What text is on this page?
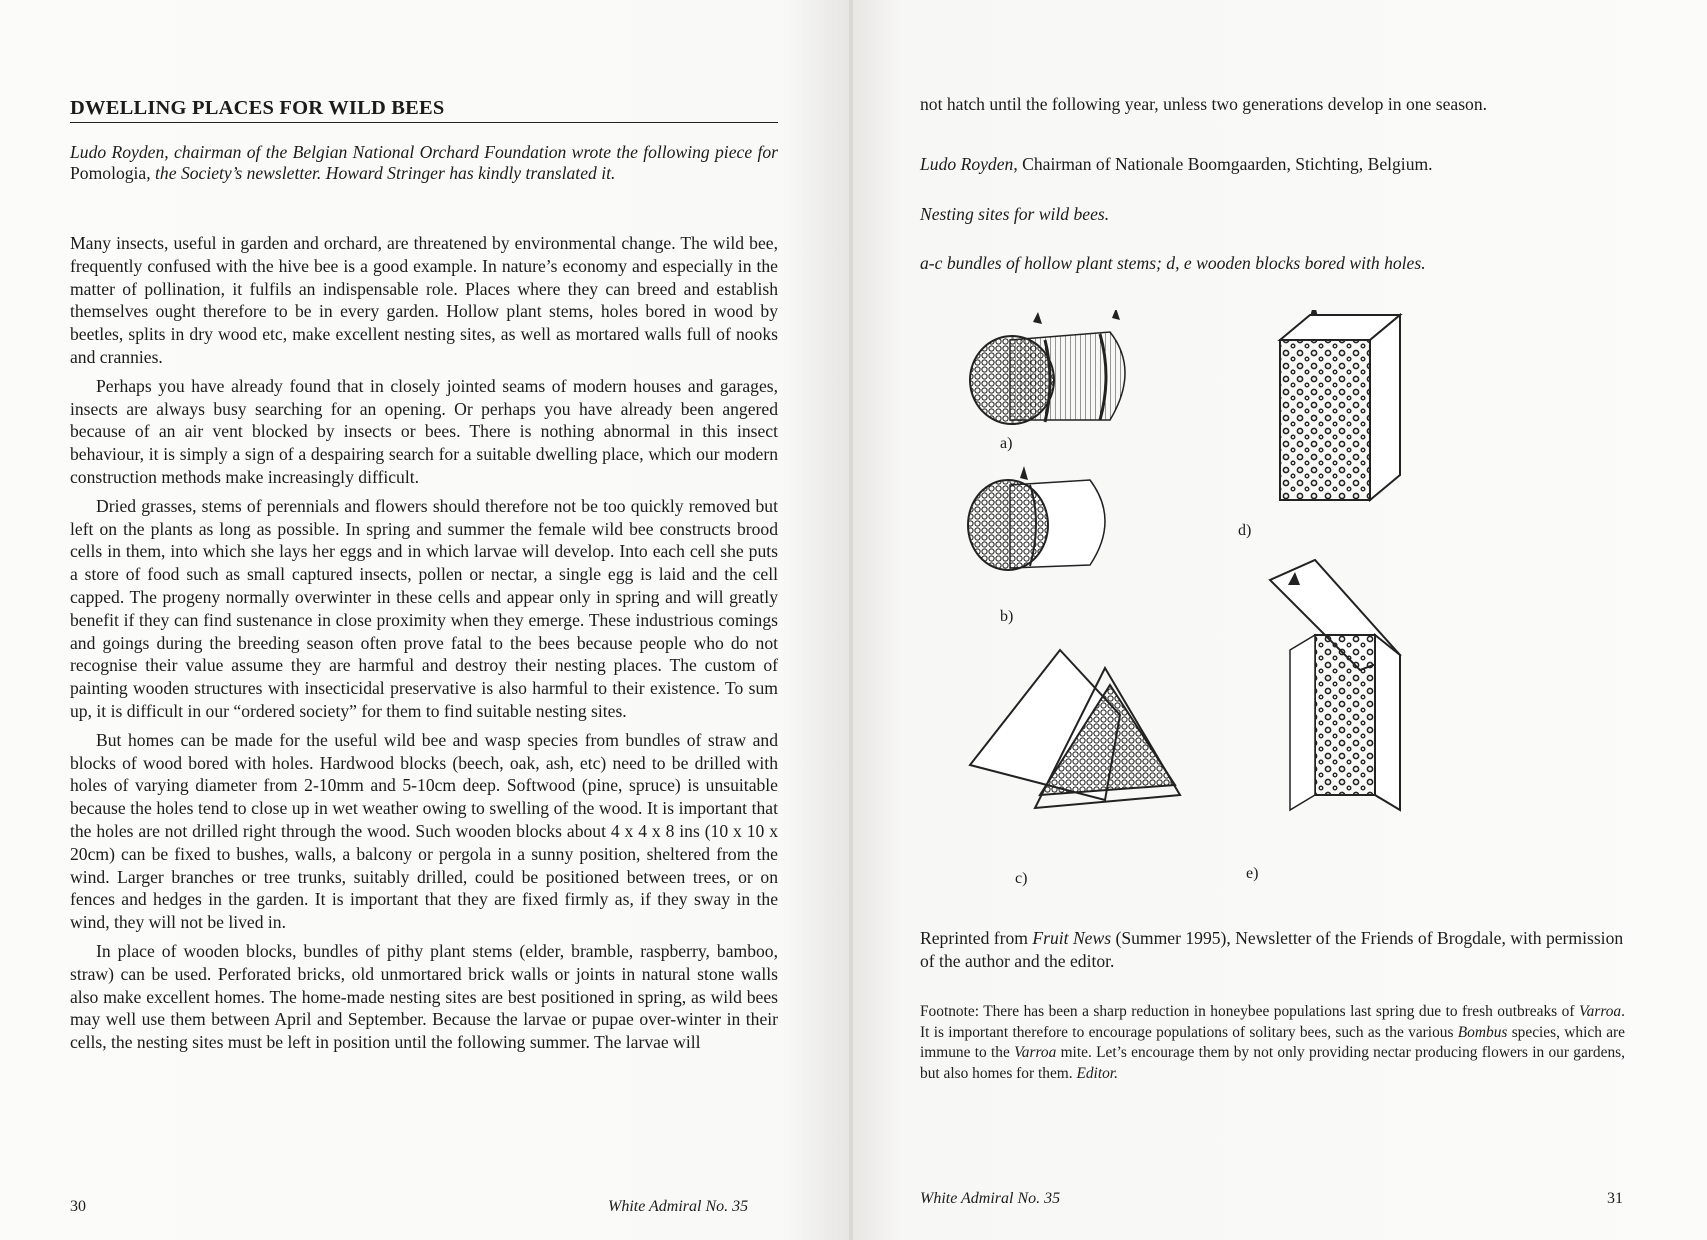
DWELLING PLACES FOR WILD BEES
Ludo Royden, chairman of the Belgian National Orchard Foundation wrote the following piece for Pomologia, the Society’s newsletter. Howard Stringer has kindly translated it.

Many insects, useful in garden and orchard, are threatened by environmental change. The wild bee, frequently confused with the hive bee is a good example. In nature’s economy and especially in the matter of pollination, it fulfils an indispensable role. Places where they can breed and establish themselves ought therefore to be in every garden. Hollow plant stems, holes bored in wood by beetles, splits in dry wood etc, make excellent nesting sites, as well as mortared walls full of nooks and crannies.

Perhaps you have already found that in closely jointed seams of modern houses and garages, insects are always busy searching for an opening. Or perhaps you have already been angered because of an air vent blocked by insects or bees. There is nothing abnormal in this insect behaviour, it is simply a sign of a despairing search for a suitable dwelling place, which our modern construction methods make increasingly difficult.

Dried grasses, stems of perennials and flowers should therefore not be too quickly removed but left on the plants as long as possible. In spring and summer the female wild bee constructs brood cells in them, into which she lays her eggs and in which larvae will develop. Into each cell she puts a store of food such as small captured insects, pollen or nectar, a single egg is laid and the cell capped. The progeny normally overwinter in these cells and appear only in spring and will greatly benefit if they can find sustenance in close proximity when they emerge. These industrious comings and goings during the breeding season often prove fatal to the bees because people who do not recognise their value assume they are harmful and destroy their nesting places. The custom of painting wooden structures with insecticidal preservative is also harmful to their existence. To sum up, it is difficult in our “ordered society” for them to find suitable nesting sites.

But homes can be made for the useful wild bee and wasp species from bundles of straw and blocks of wood bored with holes. Hardwood blocks (beech, oak, ash, etc) need to be drilled with holes of varying diameter from 2-10mm and 5-10cm deep. Softwood (pine, spruce) is unsuitable because the holes tend to close up in wet weather owing to swelling of the wood. It is important that the holes are not drilled right through the wood. Such wooden blocks about 4 x 4 x 8 ins (10 x 10 x 20cm) can be fixed to bushes, walls, a balcony or pergola in a sunny position, sheltered from the wind. Larger branches or tree trunks, suitably drilled, could be positioned between trees, or on fences and hedges in the garden. It is important that they are fixed firmly as, if they sway in the wind, they will not be lived in.

In place of wooden blocks, bundles of pithy plant stems (elder, bramble, raspberry, bamboo, straw) can be used. Perforated bricks, old unmortared brick walls or joints in natural stone walls also make excellent homes. The home-made nesting sites are best positioned in spring, as wild bees may well use them between April and September. Because the larvae or pupae over-winter in their cells, the nesting sites must be left in position until the following summer. The larvae will

30	White Admiral No. 35
not hatch until the following year, unless two generations develop in one season.
Ludo Royden, Chairman of Nationale Boomgaarden, Stichting, Belgium.
Nesting sites for wild bees.
a-c bundles of hollow plant stems; d, e wooden blocks bored with holes.
a)
b)
c)
d)
e)
Reprinted from Fruit News (Summer 1995), Newsletter of the Friends of Brogdale, with permission of the author and the editor.
Footnote: There has been a sharp reduction in honeybee populations last spring due to fresh outbreaks of Varroa. It is important therefore to encourage populations of solitary bees, such as the various Bombus species, which are immune to the Varroa mite. Let’s encourage them by not only providing nectar producing flowers in our gardens, but also homes for them. Editor.
White Admiral No. 35	31
